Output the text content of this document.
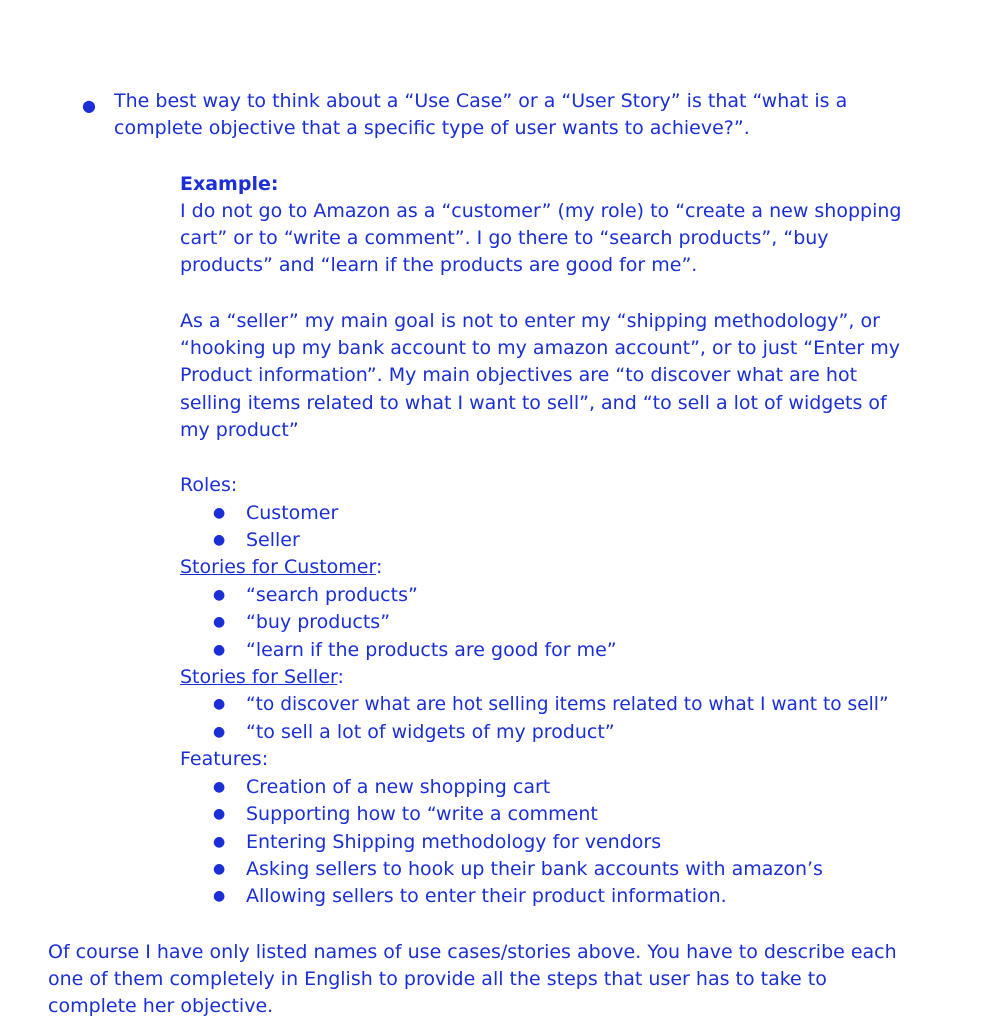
● The best way to think about a “Use Case” or a “User Story” is that “what is a
complete objective that a specific type of user wants to achieve?”.
Example:
I do not go to Amazon as a “customer” (my role) to “create a new shopping
cart” or to “write a comment”. I go there to “search products”, “buy
products” and “learn if the products are good for me”.
As a “seller” my main goal is not to enter my “shipping methodology”, or
“hooking up my bank account to my amazon account”, or to just “Enter my
Product information”. My main objectives are “to discover what are hot
selling items related to what I want to sell”, and “to sell a lot of widgets of
my product”
Roles:
● Customer
● Seller
Stories for Customer:
● “search products”
● “buy products”
● “learn if the products are good for me”
Stories for Seller:
● “to discover what are hot selling items related to what I want to sell”
● “to sell a lot of widgets of my product”
Features:
● Creation of a new shopping cart
● Supporting how to “write a comment
● Entering Shipping methodology for vendors
● Asking sellers to hook up their bank accounts with amazon’s
● Allowing sellers to enter their product information.
Of course I have only listed names of use cases/stories above. You have to describe each
one of them completely in English to provide all the steps that user has to take to
complete her objective.
